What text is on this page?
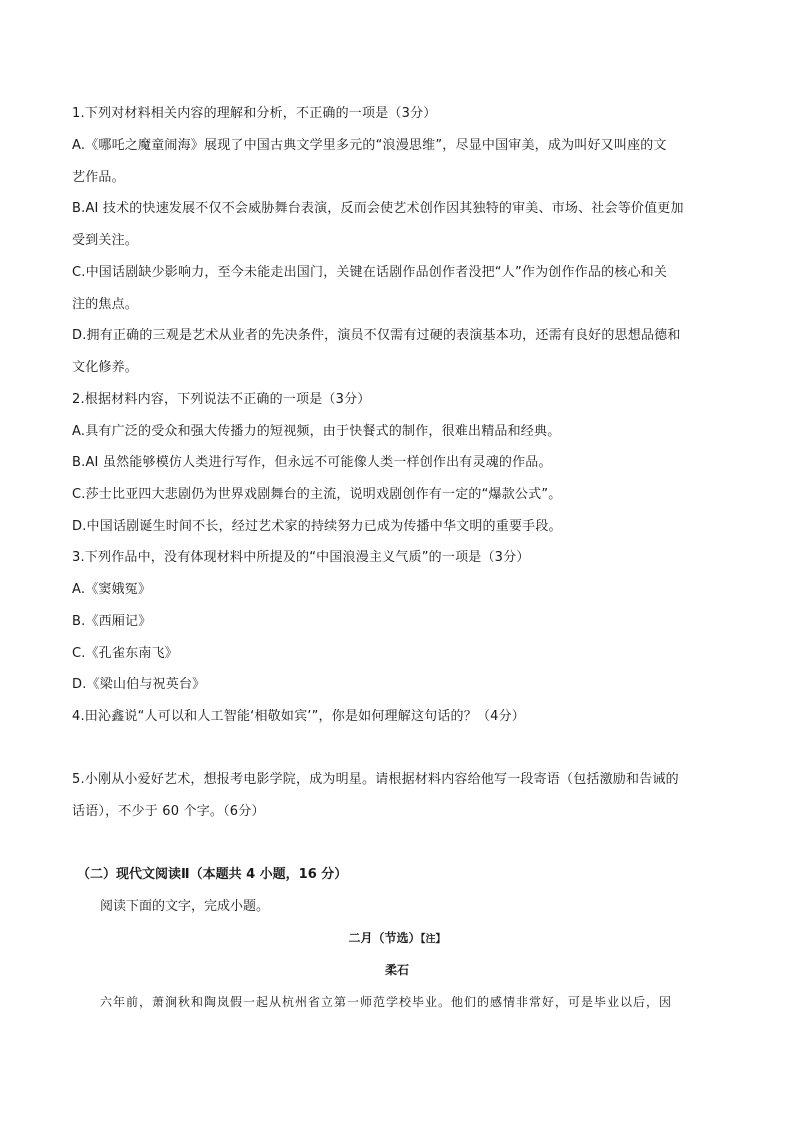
1.下列对材料相关内容的理解和分析，不正确的一项是（3分）
A.《哪吒之魔童闹海》展现了中国古典文学里多元的“浪漫思维”，尽显中国审美，成为叫好又叫座的文
艺作品。
B.AI 技术的快速发展不仅不会威胁舞台表演，反而会使艺术创作因其独特的审美、市场、社会等价值更加
受到关注。
C.中国话剧缺少影响力，至今未能走出国门，关键在话剧作品创作者没把“人”作为创作作品的核心和关
注的焦点。
D.拥有正确的三观是艺术从业者的先决条件，演员不仅需有过硬的表演基本功，还需有良好的思想品德和
文化修养。
2.根据材料内容，下列说法不正确的一项是（3分）
A.具有广泛的受众和强大传播力的短视频，由于快餐式的制作，很难出精品和经典。
B.AI 虽然能够模仿人类进行写作，但永远不可能像人类一样创作出有灵魂的作品。
C.莎士比亚四大悲剧仍为世界戏剧舞台的主流，说明戏剧创作有一定的“爆款公式”。
D.中国话剧诞生时间不长，经过艺术家的持续努力已成为传播中华文明的重要手段。
3.下列作品中，没有体现材料中所提及的“中国浪漫主义气质”的一项是（3分）
A.《窦娥冤》
B.《西厢记》
C.《孔雀东南飞》
D.《梁山伯与祝英台》
4.田沁鑫说“人可以和人工智能‘相敬如宾’”，你是如何理解这句话的？（4分）
5.小刚从小爱好艺术，想报考电影学院，成为明星。请根据材料内容给他写一段寄语（包括激励和告诫的
话语），不少于 60 个字。（6分）
（二）现代文阅读Ⅱ（本题共 4 小题，16 分）
阅读下面的文字，完成小题。
二月（节选）【注】
柔石
六年前，萧涧秋和陶岚假一起从杭州省立第一师范学校毕业。他们的感情非常好，可是毕业以后，因
